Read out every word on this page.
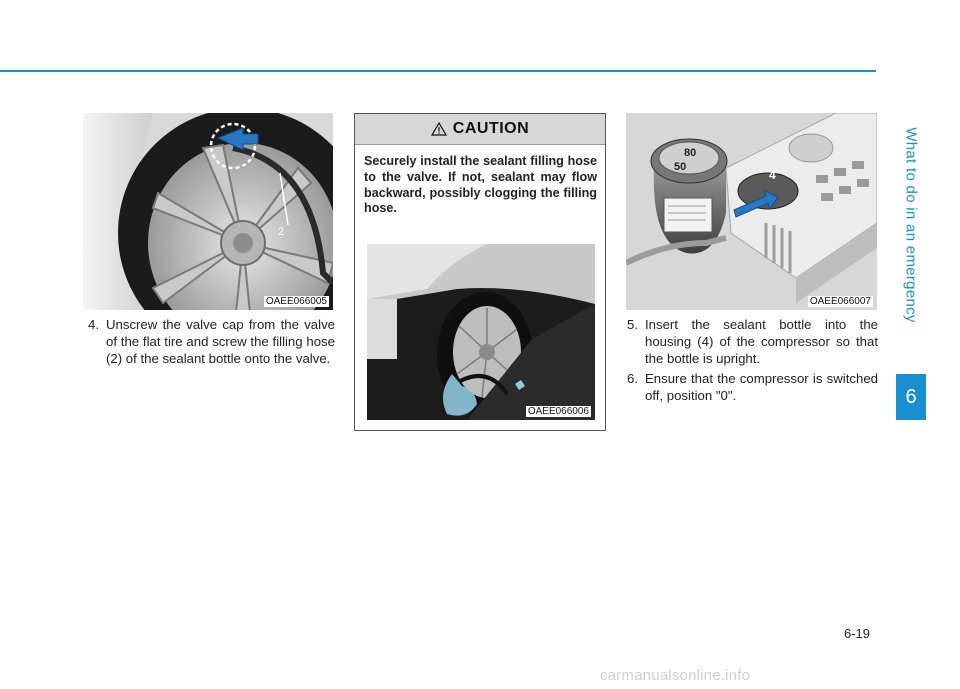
What to do in an emergency
6
2
OAEE066005
4. Unscrew the valve cap from the valve of the flat tire and screw the filling hose (2) of the sealant bottle onto the valve.
CAUTION
Securely install the sealant filling hose to the valve. If not, sealant may flow backward, possibly clogging the filling hose.
OAEE066006
80
50
4
OAEE066007
5. Insert the sealant bottle into the housing (4) of the compressor so that the bottle is upright.
6. Ensure that the compressor is switched off, position "0".
6-19
carmanualsonline.info
